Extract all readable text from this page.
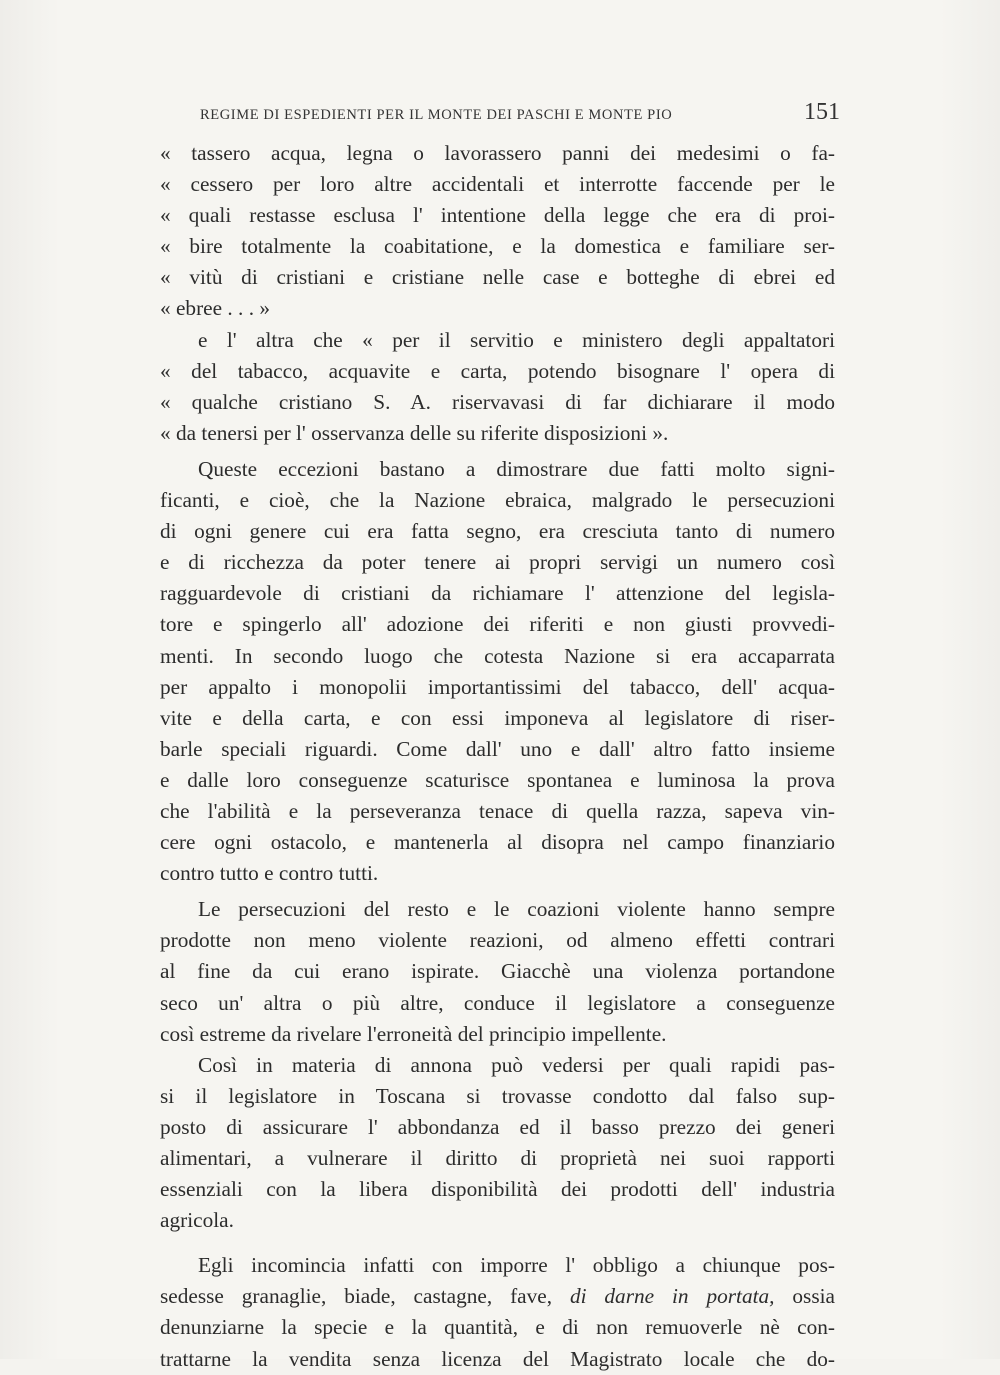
REGIME DI ESPEDIENTI PER IL MONTE DEI PASCHI E MONTE PIO	151
« tassero acqua, legna o lavorassero panni dei medesimi o fa-
« cessero per loro altre accidentali et interrotte faccende per le
« quali restasse esclusa l' intentione della legge che era di proi-
« bire totalmente la coabitatione, e la domestica e familiare ser-
« vitù di cristiani e cristiane nelle case e botteghe di ebrei ed
« ebree . . . »
e l' altra che « per il servitio e ministero degli appaltatori
« del tabacco, acquavite e carta, potendo bisognare l' opera di
« qualche cristiano S. A. riservavasi di far dichiarare il modo
« da tenersi per l' osservanza delle su riferite disposizioni ».
Queste eccezioni bastano a dimostrare due fatti molto signi-
ficanti, e cioè, che la Nazione ebraica, malgrado le persecuzioni
di ogni genere cui era fatta segno, era cresciuta tanto di numero
e di ricchezza da poter tenere ai propri servigi un numero così
ragguardevole di cristiani da richiamare l' attenzione del legisla-
tore e spingerlo all' adozione dei riferiti e non giusti provvedi-
menti. In secondo luogo che cotesta Nazione si era accaparrata
per appalto i monopolii importantissimi del tabacco, dell' acqua-
vite e della carta, e con essi imponeva al legislatore di riser-
barle speciali riguardi. Come dall' uno e dall' altro fatto insieme
e dalle loro conseguenze scaturisce spontanea e luminosa la prova
che l'abilità e la perseveranza tenace di quella razza, sapeva vin-
cere ogni ostacolo, e mantenerla al disopra nel campo finanziario
contro tutto e contro tutti.
Le persecuzioni del resto e le coazioni violente hanno sempre
prodotte non meno violente reazioni, od almeno effetti contrari
al fine da cui erano ispirate. Giacchè una violenza portandone
seco un' altra o più altre, conduce il legislatore a conseguenze
così estreme da rivelare l'erroneità del principio impellente.
Così in materia di annona può vedersi per quali rapidi pas-
si il legislatore in Toscana si trovasse condotto dal falso sup-
posto di assicurare l' abbondanza ed il basso prezzo dei generi
alimentari, a vulnerare il diritto di proprietà nei suoi rapporti
essenziali con la libera disponibilità dei prodotti dell' industria
agricola.
Egli incomincia infatti con imporre l' obbligo a chiunque pos-
sedesse granaglie, biade, castagne, fave, di darne in portata, ossia
denunziarne la specie e la quantità, e di non remuoverle nè con-
trattarne la vendita senza licenza del Magistrato locale che do-
